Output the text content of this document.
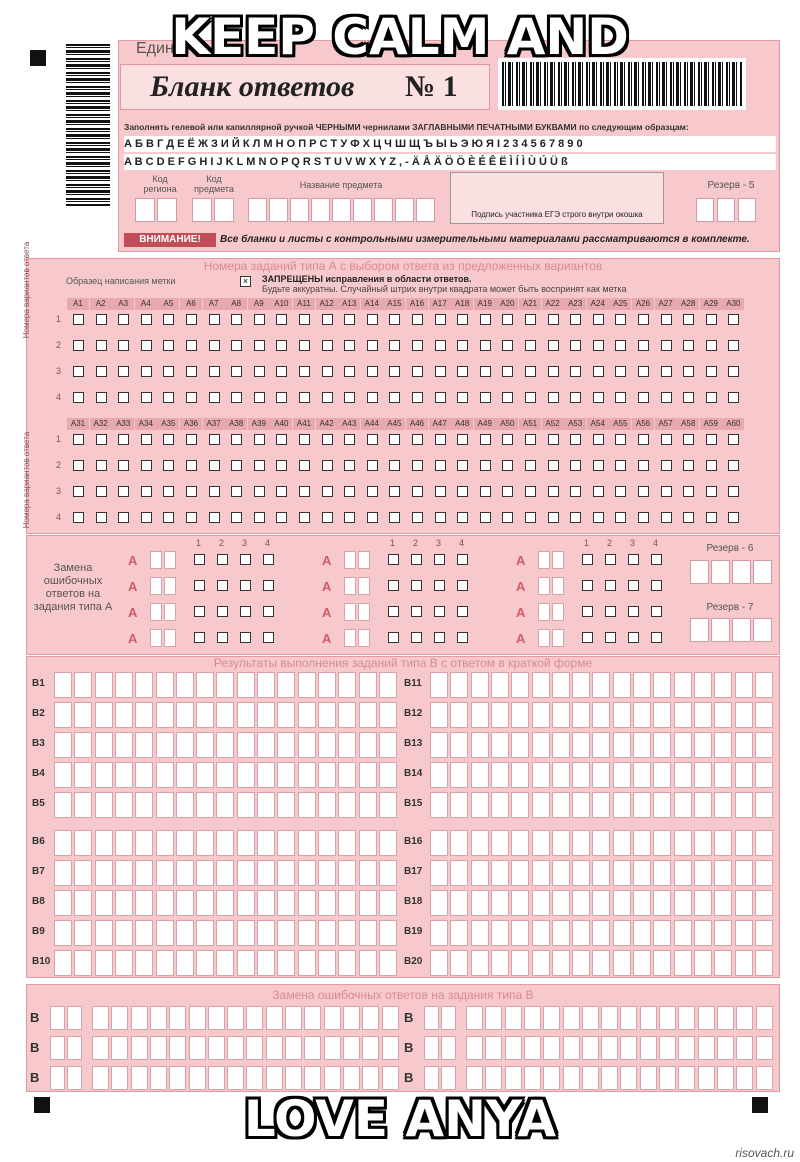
Един
Бланк ответов № 1
Заполнять гелевой или капиллярной ручкой ЧЕРНЫМИ чернилами ЗАГЛАВНЫМИ ПЕЧАТНЫМИ БУКВАМИ по следующим образцам:
А Б В Г Д Е Ё Ж З И Й К Л М Н О П Р С Т У Ф Х Ц Ч Ш Щ Ъ Ы Ь Э Ю Я I 2 3 4 5 6 7 8 9 0
A B C D E F G H I J K L M N O P Q R S T U V W X Y Z , - Ä Å Ä Ö Ö È É Ê Ë Ì Í Ì Ù Ú Ü ß
Код региона
Код предмета	Название предмета
Подпись участника ЕГЭ строго внутри окошка
Резерв - 5
ВНИМАНИЕ!	Все бланки и листы с контрольными измерительными материалами рассматриваются в комплекте.
Номера заданий типа А с выбором ответа из предложенных вариантов
Образец написания метки	×	ЗАПРЕЩЕНЫ исправления в области ответов.
Будьте аккуратны. Случайный штрих внутри квадрата может быть воспринят как метка
Номера вариантов ответа
Номера вариантов ответа
A1	A2	A3	A4	A5	A6	A7	A8	A9	A10	A11	A12	A13	A14	A15	A16	A17	A18	A19	A20	A21	A22	A23	A24	A25	A26	A27	A28	A29	A30
1
2
3
4
A31	A32	A33	A34	A35	A36	A37	A38	A39	A40	A41	A42	A43	A44	A45	A46	A47	A48	A49	A50	A51	A52	A53	A54	A55	A56	A57	A58	A59	A60
1
2
3
4
Замена ошибочных ответов на задания типа А
1 2 3 4
А
А
А
А
1 2 3 4
А
А
А
А
1 2 3 4
А
А
А
А
Резерв - 6
Резерв - 7
Результаты выполнения заданий типа В с ответом в краткой форме
B1	B11
B2	B12
B3	B13
B4	B14
B5	B15
B6	B16
B7	B17
B8	B18
B9	B19
B10	B20
Замена ошибочных ответов на задания типа В
В	В
В	В
В	В
KEEP CALM AND
LOVE ANYA
risovach.ru
